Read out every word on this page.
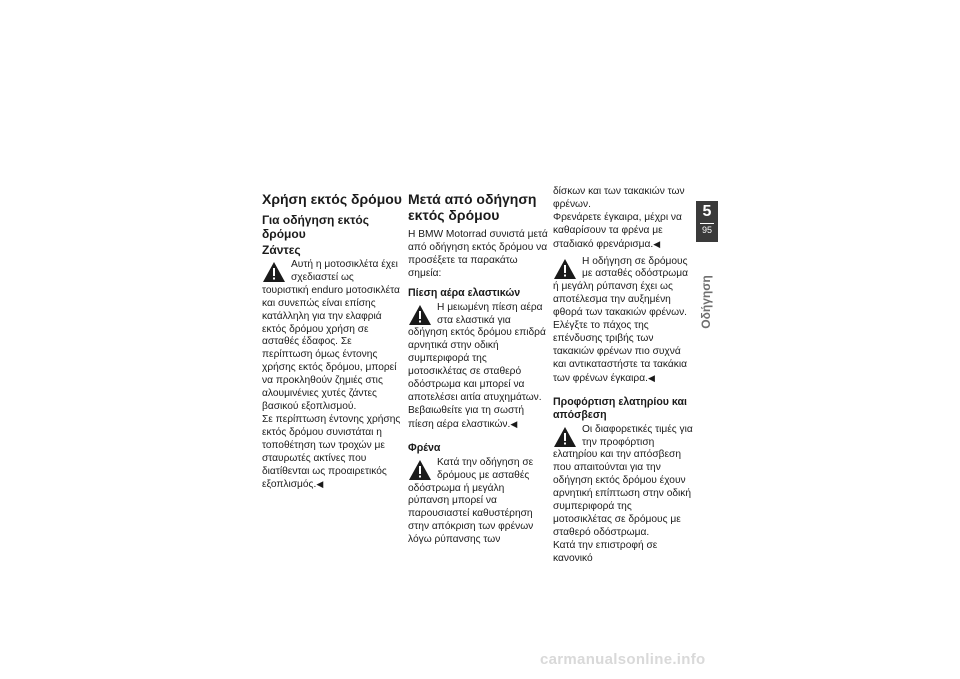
Χρήση εκτός δρόμου
Για οδήγηση εκτός δρόμου
Ζάντες
Αυτή η μοτοσικλέτα έχει σχεδιαστεί ως τουριστική enduro μοτοσικλέτα και συνεπώς είναι επίσης κατάλληλη για την ελαφριά εκτός δρόμου χρήση σε ασταθές έδαφος. Σε περίπτωση όμως έντονης χρήσης εκτός δρόμου, μπορεί να προκληθούν ζημιές στις αλουμινένιες χυτές ζάντες βασικού εξοπλισμού.

Σε περίπτωση έντονης χρήσης εκτός δρόμου συνιστάται η τοποθέτηση των τροχών με σταυρωτές ακτίνες που διατίθενται ως προαιρετικός εξοπλισμός.◀

Μετά από οδήγηση εκτός δρόμου

Η BMW Motorrad συνιστά μετά από οδήγηση εκτός δρόμου να προσέξετε τα παρακάτω σημεία:

Πίεση αέρα ελαστικών
Η μειωμένη πίεση αέρα στα ελαστικά για οδήγηση εκτός δρόμου επιδρά αρνητικά στην οδική συμπεριφορά της μοτοσικλέτας σε σταθερό οδόστρωμα και μπορεί να αποτελέσει αιτία ατυχημάτων.

Βεβαιωθείτε για τη σωστή πίεση αέρα ελαστικών.◀

Φρένα
Κατά την οδήγηση σε δρόμους με ασταθές οδόστρωμα ή μεγάλη ρύπανση μπορεί να παρουσιαστεί καθυστέρηση στην απόκριση των φρένων λόγω ρύπανσης των

δίσκων και των τακακιών των φρένων.

Φρενάρετε έγκαιρα, μέχρι να καθαρίσουν τα φρένα με σταδιακό φρενάρισμα.◀

Η οδήγηση σε δρόμους με ασταθές οδόστρωμα ή μεγάλη ρύπανση έχει ως αποτέλεσμα την αυξημένη φθορά των τακακιών φρένων.

Ελέγξτε το πάχος της επένδυσης τριβής των τακακιών φρένων πιο συχνά και αντικαταστήστε τα τακάκια των φρένων έγκαιρα.◀

Προφόρτιση ελατηρίου και απόσβεση
Οι διαφορετικές τιμές για την προφόρτιση ελατηρίου και την απόσβεση που απαιτούνται για την οδήγηση εκτός δρόμου έχουν αρνητική επίπτωση στην οδική συμπεριφορά της μοτοσικλέτας σε δρόμους με σταθερό οδόστρωμα.

Κατά την επιστροφή σε κανονικό

5
95
Οδήγηση
carmanualsonline.info
